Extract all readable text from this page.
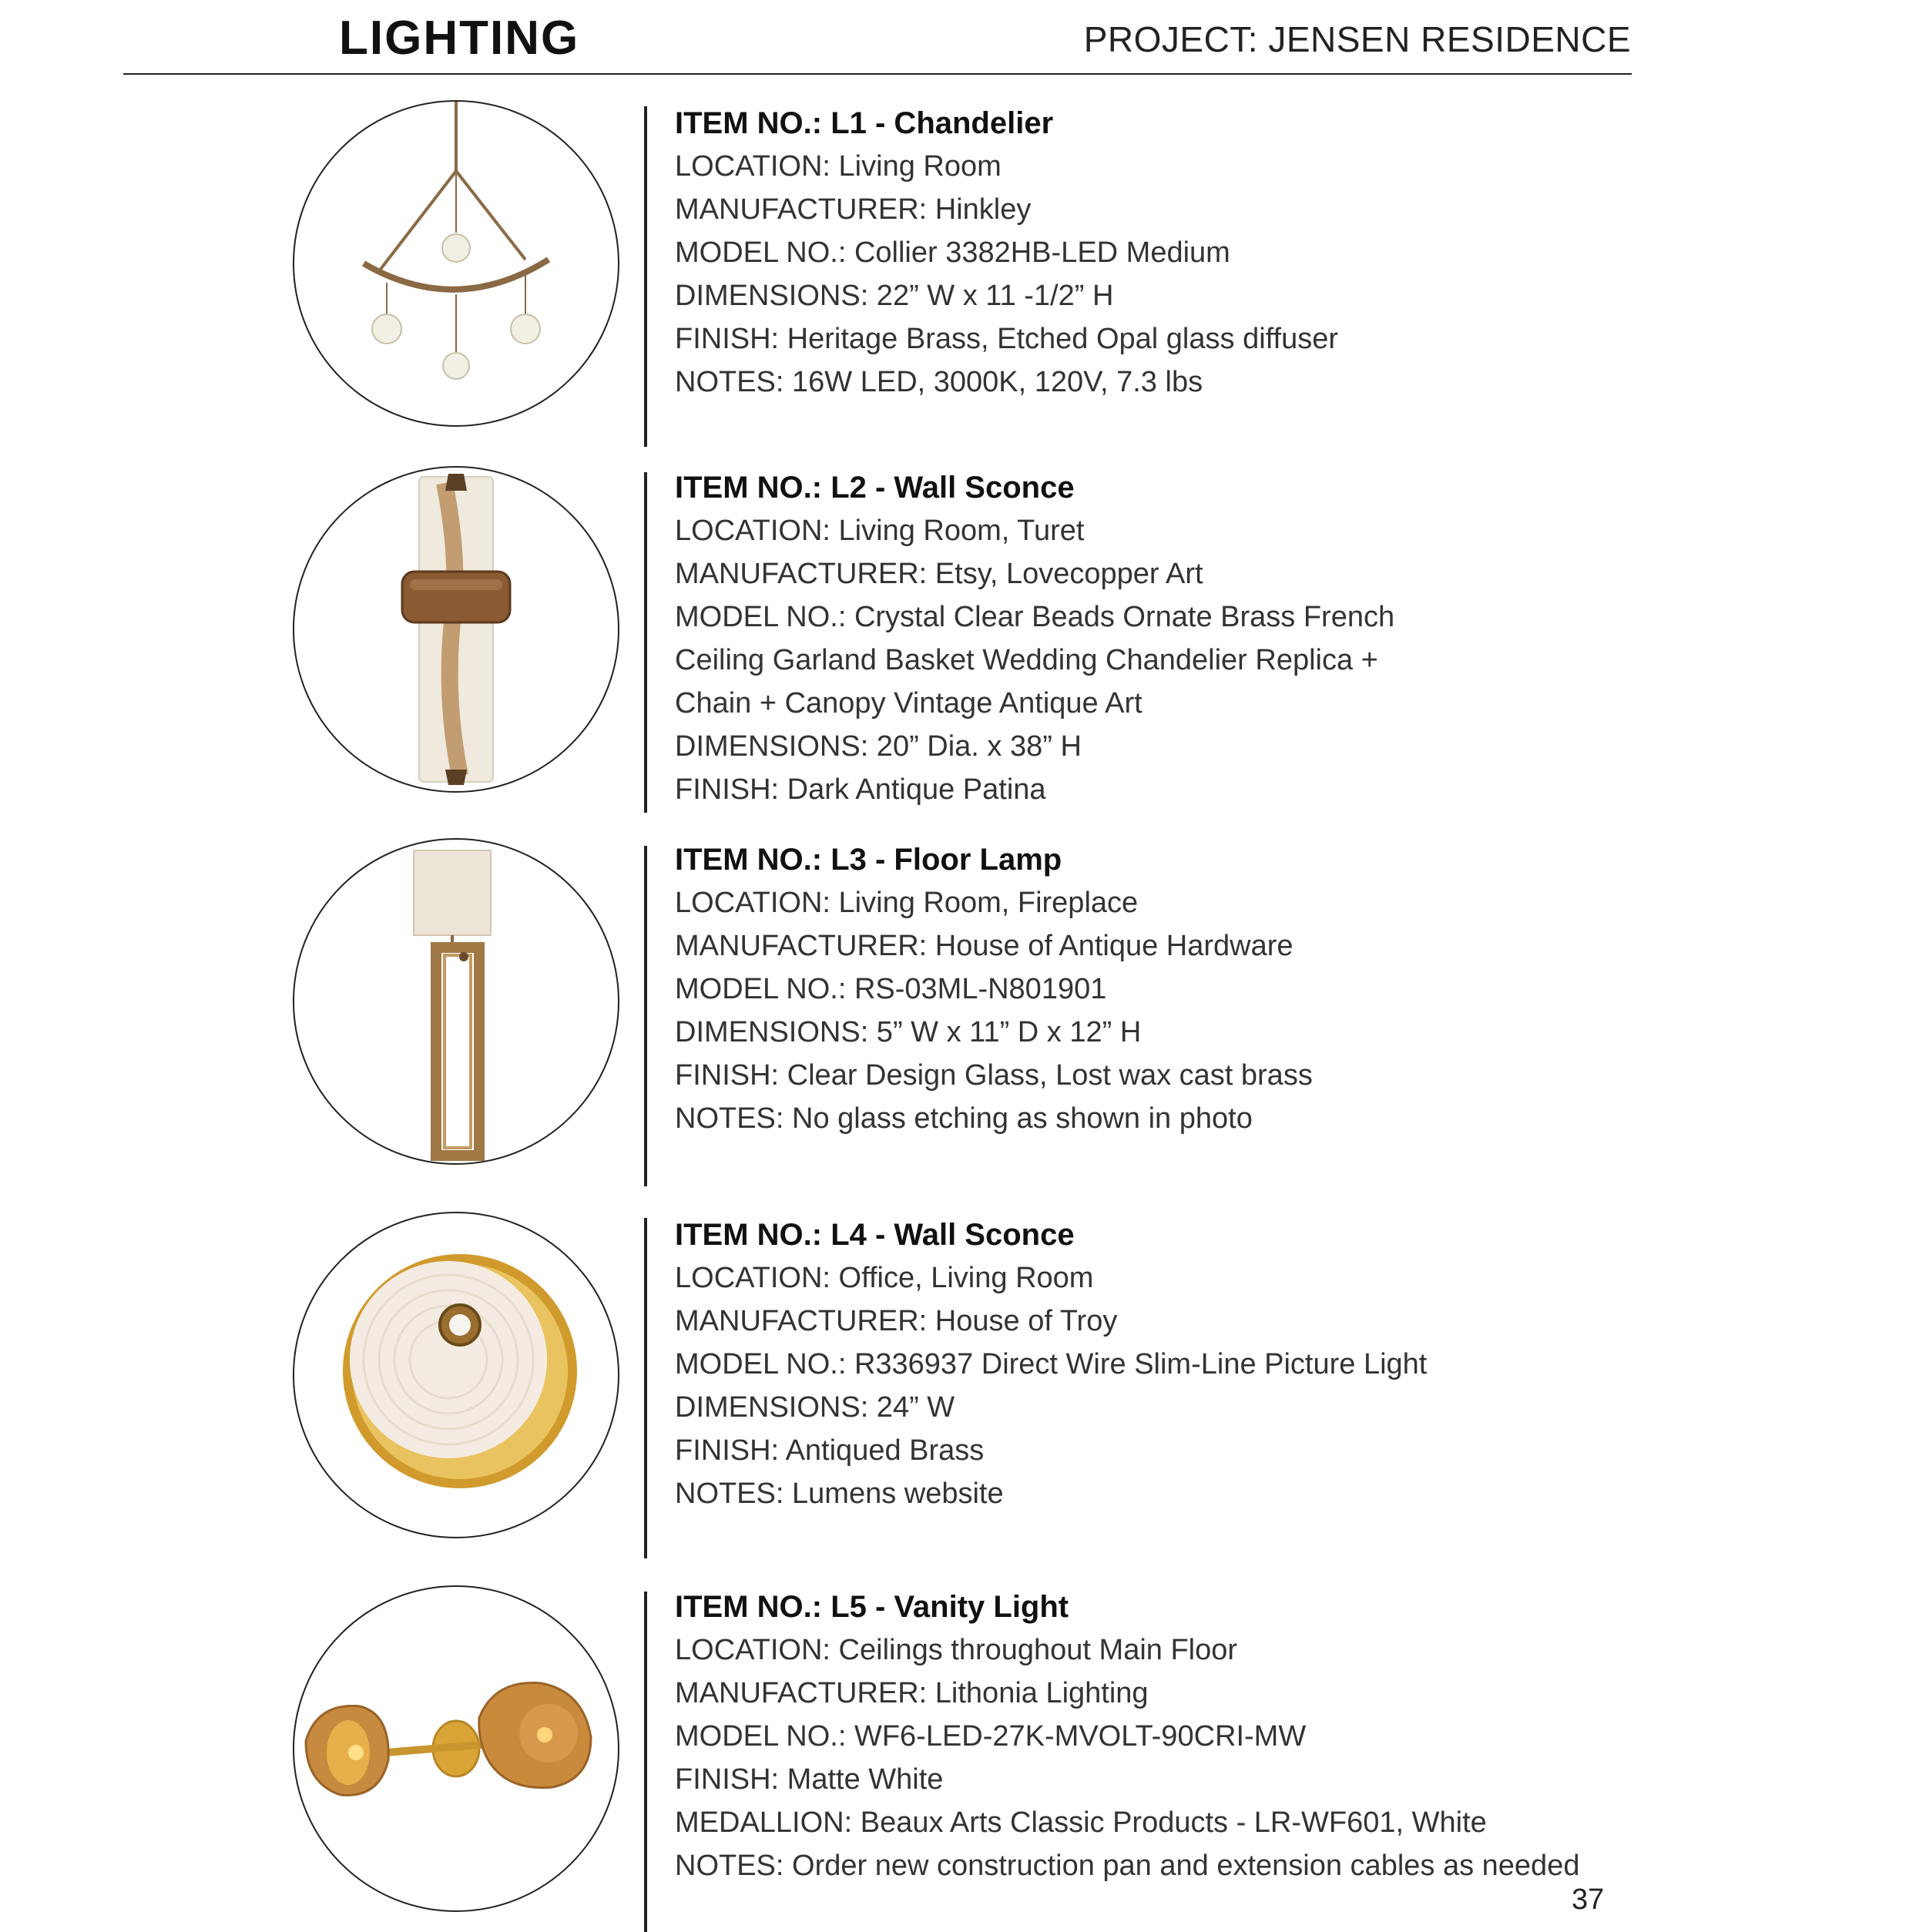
LIGHTING	PROJECT: JENSEN RESIDENCE
ITEM NO.: L1 - Chandelier
LOCATION: Living Room
MANUFACTURER: Hinkley
MODEL NO.: Collier 3382HB-LED Medium
DIMENSIONS: 22” W x 11 -1/2” H
FINISH: Heritage Brass, Etched Opal glass diffuser
NOTES: 16W LED, 3000K, 120V, 7.3 lbs
ITEM NO.: L2 - Wall Sconce
LOCATION: Living Room, Turet
MANUFACTURER: Etsy, Lovecopper Art
MODEL NO.: Crystal Clear Beads Ornate Brass French
Ceiling Garland Basket Wedding Chandelier Replica +
Chain + Canopy Vintage Antique Art
DIMENSIONS: 20” Dia. x 38” H
FINISH: Dark Antique Patina
ITEM NO.: L3 - Floor Lamp
LOCATION: Living Room, Fireplace
MANUFACTURER: House of Antique Hardware
MODEL NO.: RS-03ML-N801901
DIMENSIONS: 5” W x 11” D x 12” H
FINISH: Clear Design Glass, Lost wax cast brass
NOTES: No glass etching as shown in photo
ITEM NO.: L4 - Wall Sconce
LOCATION: Office, Living Room
MANUFACTURER: House of Troy
MODEL NO.: R336937 Direct Wire Slim-Line Picture Light
DIMENSIONS: 24” W
FINISH: Antiqued Brass
NOTES: Lumens website
ITEM NO.: L5 - Vanity Light
LOCATION: Ceilings throughout Main Floor
MANUFACTURER: Lithonia Lighting
MODEL NO.: WF6-LED-27K-MVOLT-90CRI-MW
FINISH: Matte White
MEDALLION: Beaux Arts Classic Products - LR-WF601, White
NOTES: Order new construction pan and extension cables as needed
37
